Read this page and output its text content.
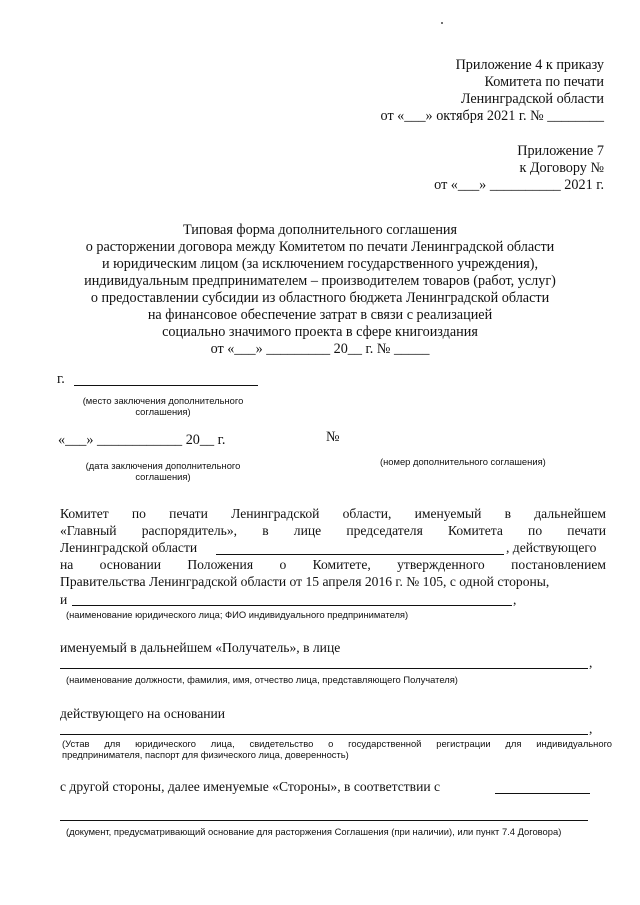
Приложение 4 к приказу
Комитета по печати
Ленинградской области
от «___» октября 2021 г. № ________
Приложение 7
к Договору №
от «___» __________ 2021 г.
Типовая форма дополнительного соглашения
о расторжении договора между Комитетом по печати Ленинградской области
и юридическим лицом (за исключением государственного учреждения),
индивидуальным предпринимателем – производителем товаров (работ, услуг)
о предоставлении субсидии из областного бюджета Ленинградской области
на финансовое обеспечение затрат в связи с реализацией
социально значимого проекта в сфере книгоиздания
от «___» _________ 20__ г. № _____
г.
(место заключения дополнительного
соглашения)
«___» ____________ 20__ г.
(дата заключения дополнительного
соглашения)
№
(номер дополнительного соглашения)
Комитет по печати Ленинградской области, именуемый в дальнейшем
«Главный распорядитель», в лице председателя Комитета по печати
Ленинградской области	, действующего
на основании Положения о Комитете, утвержденного постановлением
Правительства Ленинградской области от 15 апреля 2016 г. № 105, с одной стороны,
и	,
(наименование юридического лица; ФИО индивидуального предпринимателя)
именуемый в дальнейшем «Получатель», в лице
,
(наименование должности, фамилия, имя, отчество лица, представляющего Получателя)
действующего на основании
,
(Устав для юридического лица, свидетельство о государственной регистрации для индивидуального
предпринимателя, паспорт для физического лица, доверенность)
с другой стороны, далее именуемые «Стороны», в соответствии с
(документ, предусматривающий основание для расторжения Соглашения (при наличии), или пункт 7.4 Договора)
